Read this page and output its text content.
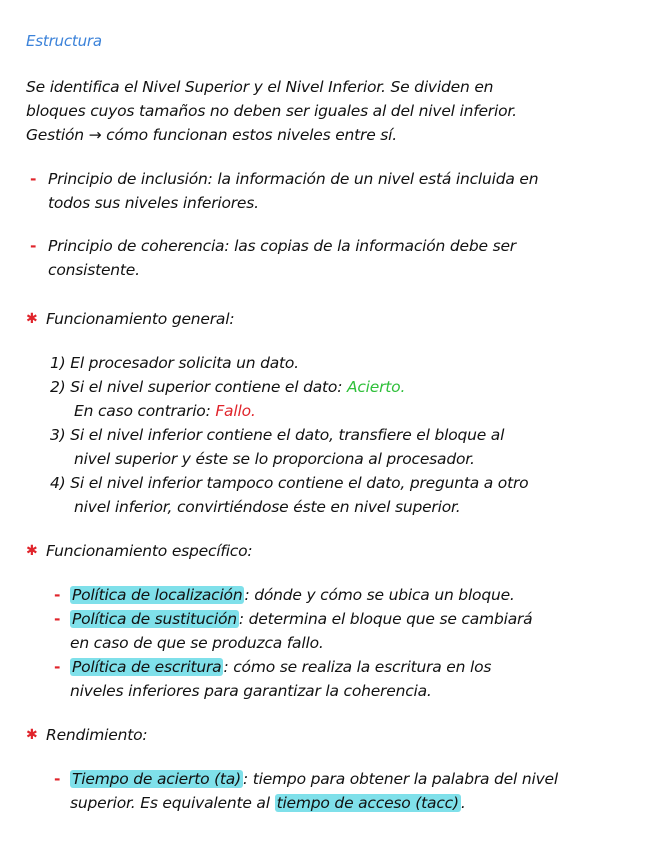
Estructura
Se identifica el Nivel Superior y el Nivel Inferior. Se dividen en
bloques cuyos tamaños no deben ser iguales al del nivel inferior.
Gestión → cómo funcionan estos niveles entre sí.
- Principio de inclusión: la información de un nivel está incluida en
todos sus niveles inferiores.
- Principio de coherencia: las copias de la información debe ser
consistente.
✱ Funcionamiento general:
1) El procesador solicita un dato.
2) Si el nivel superior contiene el dato: Acierto.
En caso contrario: Fallo.
3) Si el nivel inferior contiene el dato, transfiere el bloque al
nivel superior y éste se lo proporciona al procesador.
4) Si el nivel inferior tampoco contiene el dato, pregunta a otro
nivel inferior, convirtiéndose éste en nivel superior.
✱ Funcionamiento específico:
- Política de localización : dónde y cómo se ubica un bloque.
- Política de sustitución : determina el bloque que se cambiará
en caso de que se produzca fallo.
- Política de escritura : cómo se realiza la escritura en los
niveles inferiores para garantizar la coherencia.
✱ Rendimiento:
- Tiempo de acierto (ta) : tiempo para obtener la palabra del nivel
superior. Es equivalente al tiempo de acceso (tacc) .
